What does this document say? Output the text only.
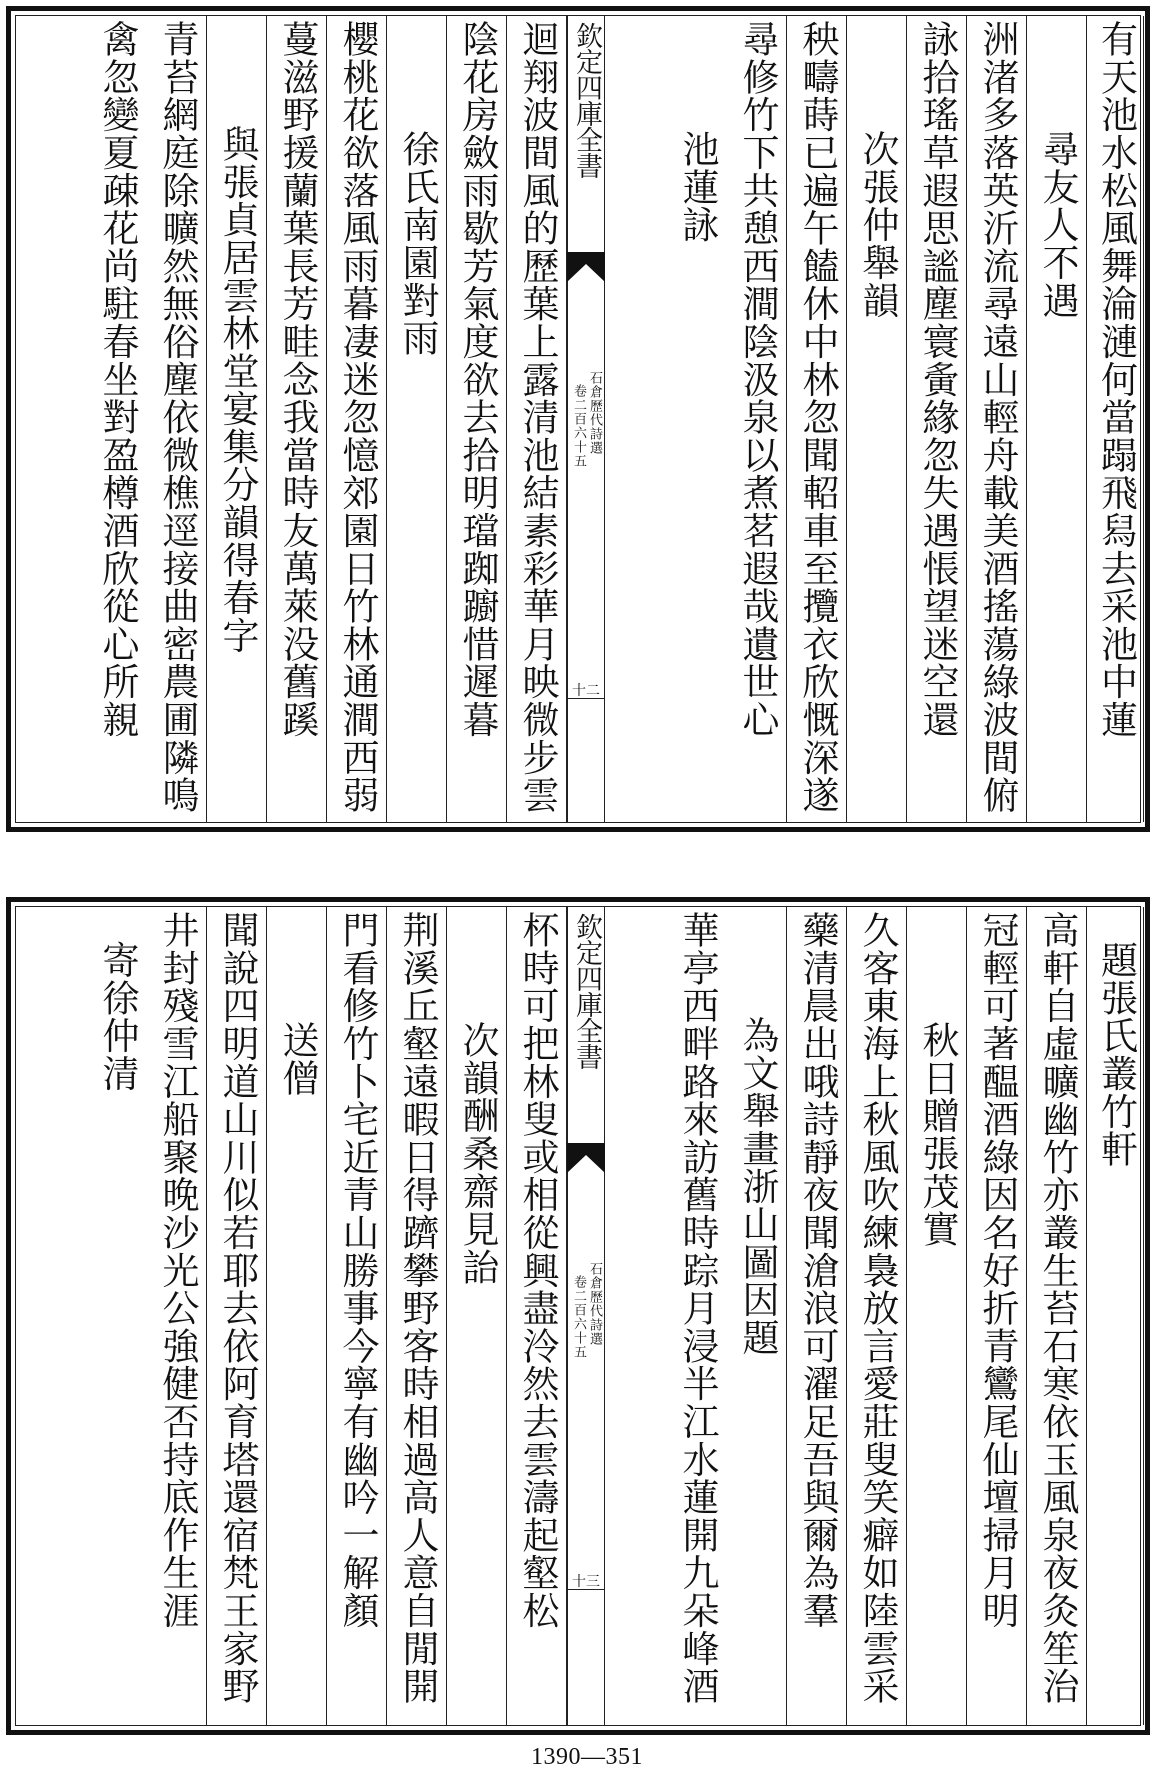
有天池水松風舞淪漣何當蹋飛舄去采池中蓮
尋友人不遇
洲渚多落英沂流尋遠山輕舟載美酒搖蕩綠波間俯
詠拾瑤草遐思謐塵寰夤緣忽失遇悵望迷空還
次張仲舉韻
秧疇蒔已遍午饁休中林忽聞軺車至攬衣欣慨深遂
尋修竹下共憩西澗陰汲泉以煮茗遐哉遺世心
池蓮詠
欽定四庫全書
石倉歷代詩選
卷二百六十五
十二
迴翔波間風的歷葉上露清池結素彩華月映微步雲
陰花房斂雨歇芳氣度欲去拾明璫踟躕惜遲暮
徐氏南園對雨
櫻桃花欲落風雨暮凄迷忽憶郊園日竹林通澗西弱
蔓滋野援蘭葉長芳畦念我當時友萬萊没舊蹊
與張貞居雲林堂宴集分韻得春字
青苔網庭除曠然無俗塵依微樵逕接曲密農圃隣鳴
禽忽變夏疎花尚駐春坐對盈樽酒欣從心所親
題張氏叢竹軒
高軒自虛曠幽竹亦叢生苔石寒依玉風泉夜灸笙治
冠輕可著醖酒綠因名好折青鸞尾仙壇掃月明
秋日贈張茂實
久客東海上秋風吹練裊放言愛莊叟笑癖如陸雲采
藥清晨出哦詩靜夜聞滄浪可濯足吾與爾為羣
為文舉畫浙山圖因題
華亭西畔路來訪舊時踪月浸半江水蓮開九朵峰酒
欽定四庫全書
石倉歷代詩選
卷二百六十五
十三
杯時可把林叟或相從興盡泠然去雲濤起壑松
次韻酬桑齋見詒
荆溪丘壑遠暇日得躋攀野客時相過高人意自閒開
門看修竹卜宅近青山勝事今寧有幽吟一解顏
送僧
聞說四明道山川似若耶去依阿育塔還宿梵王家野
井封殘雪江船聚晚沙光公強健否持底作生涯
寄徐仲清
1390—351
